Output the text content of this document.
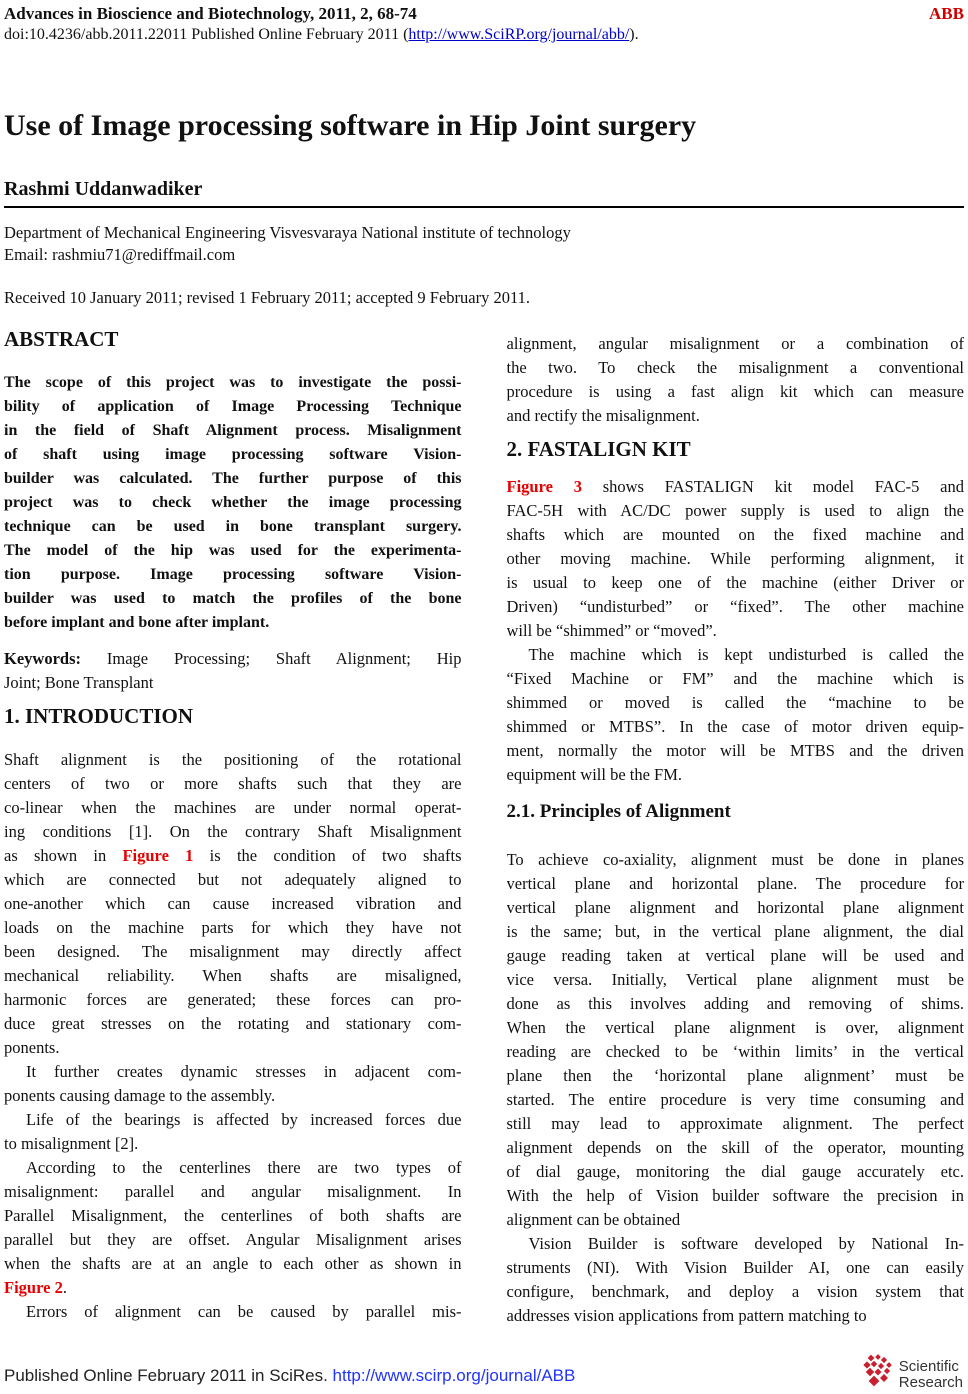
Advances in Bioscience and Biotechnology, 2011, 2, 68-74	ABB
doi:10.4236/abb.2011.22011 Published Online February 2011 (http://www.SciRP.org/journal/abb/).
Use of Image processing software in Hip Joint surgery
Rashmi Uddanwadiker
Department of Mechanical Engineering Visvesvaraya National institute of technology
Email: rashmiu71@rediffmail.com
Received 10 January 2011; revised 1 February 2011; accepted 9 February 2011.
ABSTRACT
The scope of this project was to investigate the possi-
bility of application of Image Processing Technique
in the field of Shaft Alignment process. Misalignment
of shaft using image processing software Vision-
builder was calculated. The further purpose of this
project was to check whether the image processing
technique can be used in bone transplant surgery.
The model of the hip was used for the experimenta-
tion purpose. Image processing software Vision-
builder was used to match the profiles of the bone
before implant and bone after implant.
Keywords: Image Processing; Shaft Alignment; Hip
Joint; Bone Transplant
1. INTRODUCTION
Shaft alignment is the positioning of the rotational
centers of two or more shafts such that they are
co-linear when the machines are under normal operat-
ing conditions [1]. On the contrary Shaft Misalignment
as shown in Figure 1 is the condition of two shafts
which are connected but not adequately aligned to
one-another which can cause increased vibration and
loads on the machine parts for which they have not
been designed. The misalignment may directly affect
mechanical reliability. When shafts are misaligned,
harmonic forces are generated; these forces can pro-
duce great stresses on the rotating and stationary com-
ponents.
It further creates dynamic stresses in adjacent com-
ponents causing damage to the assembly.
Life of the bearings is affected by increased forces due
to misalignment [2].
According to the centerlines there are two types of
misalignment: parallel and angular misalignment. In
Parallel Misalignment, the centerlines of both shafts are
parallel but they are offset. Angular Misalignment arises
when the shafts are at an angle to each other as shown in
Figure 2.
Errors of alignment can be caused by parallel mis-
alignment, angular misalignment or a combination of
the two. To check the misalignment a conventional
procedure is using a fast align kit which can measure
and rectify the misalignment.
2. FASTALIGN KIT
Figure 3 shows FASTALIGN kit model FAC-5 and
FAC-5H with AC/DC power supply is used to align the
shafts which are mounted on the fixed machine and
other moving machine. While performing alignment, it
is usual to keep one of the machine (either Driver or
Driven) “undisturbed” or “fixed”. The other machine
will be “shimmed” or “moved”.
The machine which is kept undisturbed is called the
“Fixed Machine or FM” and the machine which is
shimmed or moved is called the “machine to be
shimmed or MTBS”. In the case of motor driven equip-
ment, normally the motor will be MTBS and the driven
equipment will be the FM.
2.1. Principles of Alignment
To achieve co-axiality, alignment must be done in planes
vertical plane and horizontal plane. The procedure for
vertical plane alignment and horizontal plane alignment
is the same; but, in the vertical plane alignment, the dial
gauge reading taken at vertical plane will be used and
vice versa. Initially, Vertical plane alignment must be
done as this involves adding and removing of shims.
When the vertical plane alignment is over, alignment
reading are checked to be ‘within limits’ in the vertical
plane then the ‘horizontal plane alignment’ must be
started. The entire procedure is very time consuming and
still may lead to approximate alignment. The perfect
alignment depends on the skill of the operator, mounting
of dial gauge, monitoring the dial gauge accurately etc.
With the help of Vision builder software the precision in
alignment can be obtained
Vision Builder is software developed by National In-
struments (NI). With Vision Builder AI, one can easily
configure, benchmark, and deploy a vision system that
addresses vision applications from pattern matching to
Published Online February 2011 in SciRes. http://www.scirp.org/journal/ABB	Scientific
Research
